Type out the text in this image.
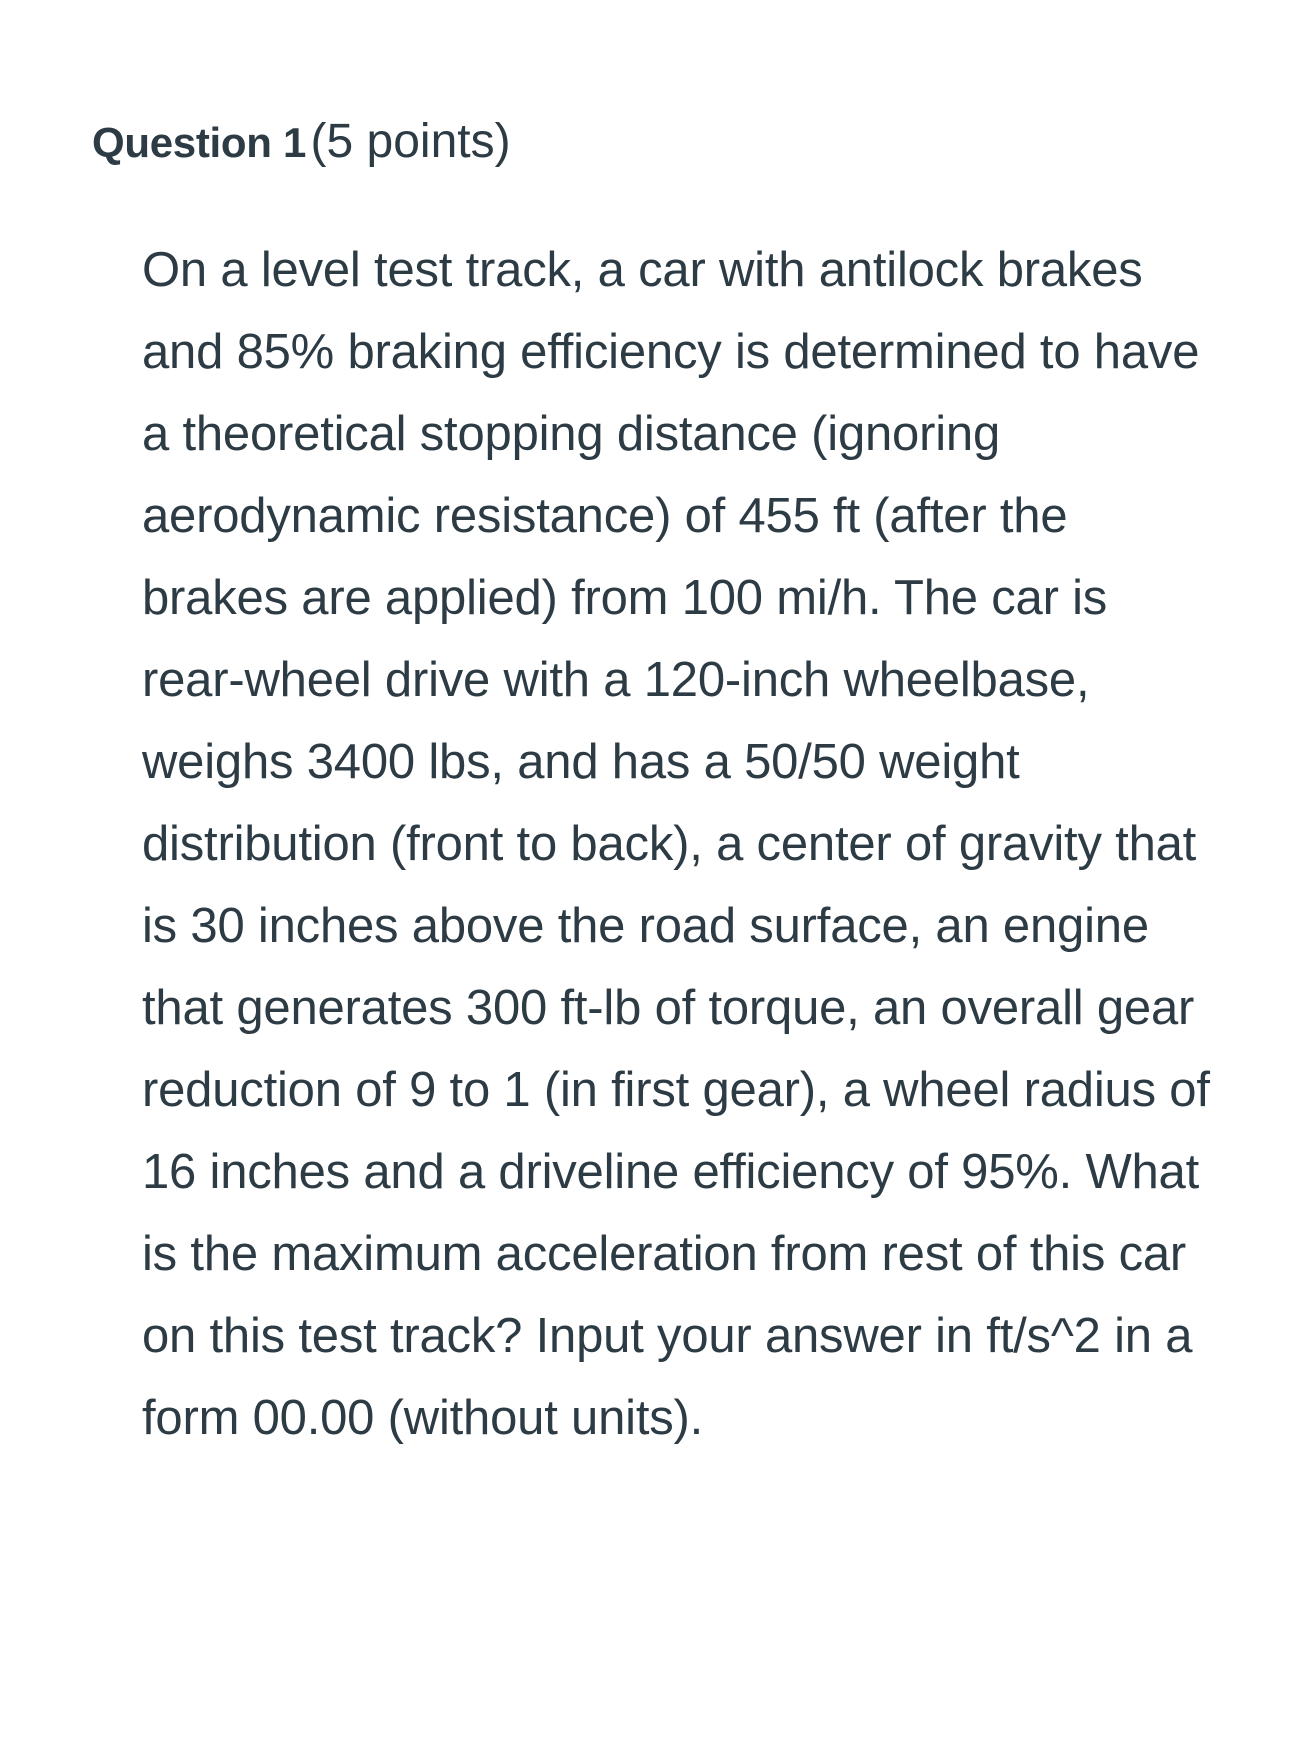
Question 1 (5 points)

On a level test track, a car with antilock brakes and 85% braking efficiency is determined to have a theoretical stopping distance (ignoring aerodynamic resistance) of 455 ft (after the brakes are applied) from 100 mi/h. The car is rear-wheel drive with a 120-inch wheelbase, weighs 3400 lbs, and has a 50/50 weight distribution (front to back), a center of gravity that is 30 inches above the road surface, an engine that generates 300 ft-lb of torque, an overall gear reduction of 9 to 1 (in first gear), a wheel radius of 16 inches and a driveline efficiency of 95%. What is the maximum acceleration from rest of this car on this test track? Input your answer in ft/s^2 in a form 00.00 (without units).
